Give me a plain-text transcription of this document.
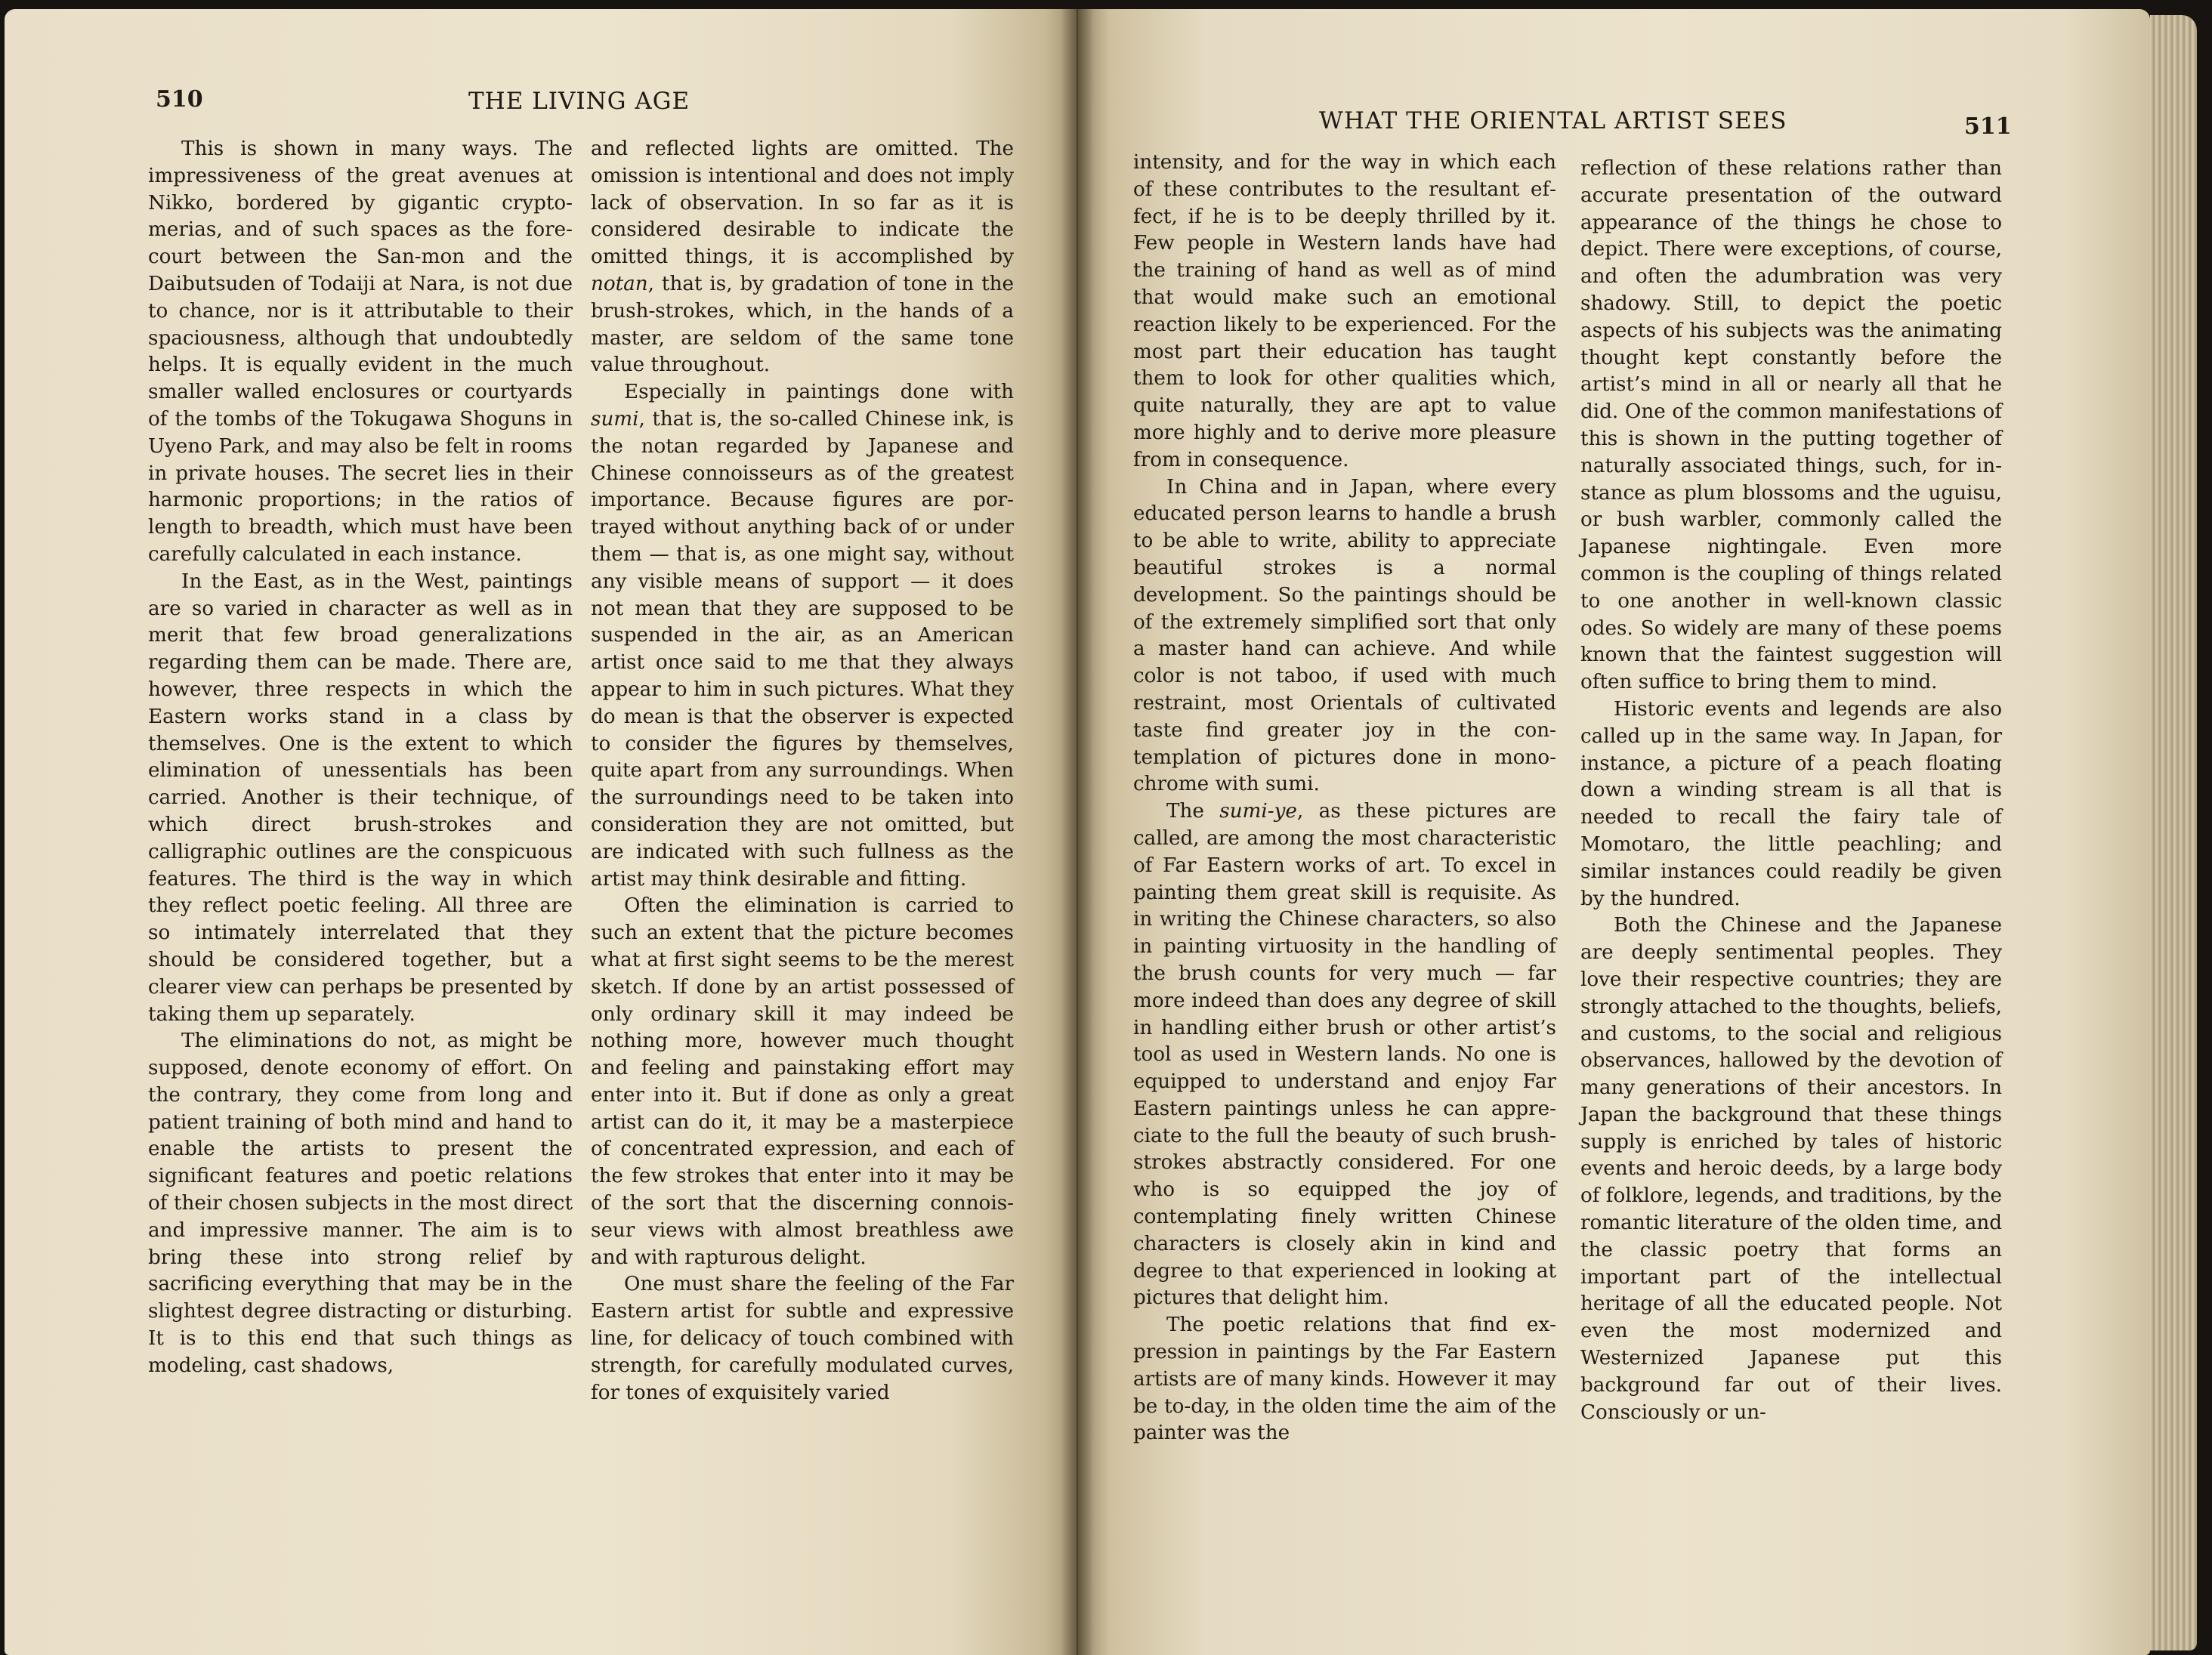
510	THE LIVING AGE
WHAT THE ORIENTAL ARTIST SEES	511

This is shown in many ways. The impressiveness of the great avenues at Nikko, bordered by gigantic cryptomerias, and of such spaces as the forecourt between the San-mon and the Daibutsuden of Todaiji at Nara, is not due to chance, nor is it attributable to their spaciousness, although that undoubtedly helps. It is equally evident in the much smaller walled enclosures or courtyards of the tombs of the Tokugawa Shoguns in Uyeno Park, and may also be felt in rooms in private houses. The secret lies in their harmonic proportions; in the ratios of length to breadth, which must have been carefully calculated in each instance.

In the East, as in the West, paintings are so varied in character as well as in merit that few broad generalizations regarding them can be made. There are, however, three respects in which the Eastern works stand in a class by themselves. One is the extent to which elimination of unessentials has been carried. Another is their technique, of which direct brush-strokes and calligraphic outlines are the conspicuous features. The third is the way in which they reflect poetic feeling. All three are so intimately interrelated that they should be considered together, but a clearer view can perhaps be presented by taking them up separately.

The eliminations do not, as might be supposed, denote economy of effort. On the contrary, they come from long and patient training of both mind and hand to enable the artists to present the significant features and poetic relations of their chosen subjects in the most direct and impressive manner. The aim is to bring these into strong relief by sacrificing everything that may be in the slightest degree distracting or disturbing. It is to this end that such things as modeling, cast shadows,

and reflected lights are omitted. The omission is intentional and does not imply lack of observation. In so far as it is considered desirable to indicate the omitted things, it is accomplished by notan, that is, by gradation of tone in the brush-strokes, which, in the hands of a master, are seldom of the same tone value throughout.

Especially in paintings done with sumi, that is, the so-called Chinese ink, is the notan regarded by Japanese and Chinese connoisseurs as of the greatest importance. Because figures are portrayed without anything back of or under them — that is, as one might say, without any visible means of support — it does not mean that they are supposed to be suspended in the air, as an American artist once said to me that they always appear to him in such pictures. What they do mean is that the observer is expected to consider the figures by themselves, quite apart from any surroundings. When the surroundings need to be taken into consideration they are not omitted, but are indicated with such fullness as the artist may think desirable and fitting.

Often the elimination is carried to such an extent that the picture becomes what at first sight seems to be the merest sketch. If done by an artist possessed of only ordinary skill it may indeed be nothing more, however much thought and feeling and painstaking effort may enter into it. But if done as only a great artist can do it, it may be a masterpiece of concentrated expression, and each of the few strokes that enter into it may be of the sort that the discerning connoisseur views with almost breathless awe and with rapturous delight.

One must share the feeling of the Far Eastern artist for subtle and expressive line, for delicacy of touch combined with strength, for carefully modulated curves, for tones of exquisitely varied

intensity, and for the way in which each of these contributes to the resultant effect, if he is to be deeply thrilled by it. Few people in Western lands have had the training of hand as well as of mind that would make such an emotional reaction likely to be experienced. For the most part their education has taught them to look for other qualities which, quite naturally, they are apt to value more highly and to derive more pleasure from in consequence.

In China and in Japan, where every educated person learns to handle a brush to be able to write, ability to appreciate beautiful strokes is a normal development. So the paintings should be of the extremely simplified sort that only a master hand can achieve. And while color is not taboo, if used with much restraint, most Orientals of cultivated taste find greater joy in the contemplation of pictures done in monochrome with sumi.

The sumi-ye, as these pictures are called, are among the most characteristic of Far Eastern works of art. To excel in painting them great skill is requisite. As in writing the Chinese characters, so also in painting virtuosity in the handling of the brush counts for very much — far more indeed than does any degree of skill in handling either brush or other artist’s tool as used in Western lands. No one is equipped to understand and enjoy Far Eastern paintings unless he can appreciate to the full the beauty of such brush-strokes abstractly considered. For one who is so equipped the joy of contemplating finely written Chinese characters is closely akin in kind and degree to that experienced in looking at pictures that delight him.

The poetic relations that find expression in paintings by the Far Eastern artists are of many kinds. However it may be to-day, in the olden time the aim of the painter was the

reflection of these relations rather than accurate presentation of the outward appearance of the things he chose to depict. There were exceptions, of course, and often the adumbration was very shadowy. Still, to depict the poetic aspects of his subjects was the animating thought kept constantly before the artist’s mind in all or nearly all that he did. One of the common manifestations of this is shown in the putting together of naturally associated things, such, for instance as plum blossoms and the uguisu, or bush warbler, commonly called the Japanese nightingale. Even more common is the coupling of things related to one another in well-known classic odes. So widely are many of these poems known that the faintest suggestion will often suffice to bring them to mind.

Historic events and legends are also called up in the same way. In Japan, for instance, a picture of a peach floating down a winding stream is all that is needed to recall the fairy tale of Momotaro, the little peachling; and similar instances could readily be given by the hundred.

Both the Chinese and the Japanese are deeply sentimental peoples. They love their respective countries; they are strongly attached to the thoughts, beliefs, and customs, to the social and religious observances, hallowed by the devotion of many generations of their ancestors. In Japan the background that these things supply is enriched by tales of historic events and heroic deeds, by a large body of folklore, legends, and traditions, by the romantic literature of the olden time, and the classic poetry that forms an important part of the intellectual heritage of all the educated people. Not even the most modernized and Westernized Japanese put this background far out of their lives. Consciously or un-
